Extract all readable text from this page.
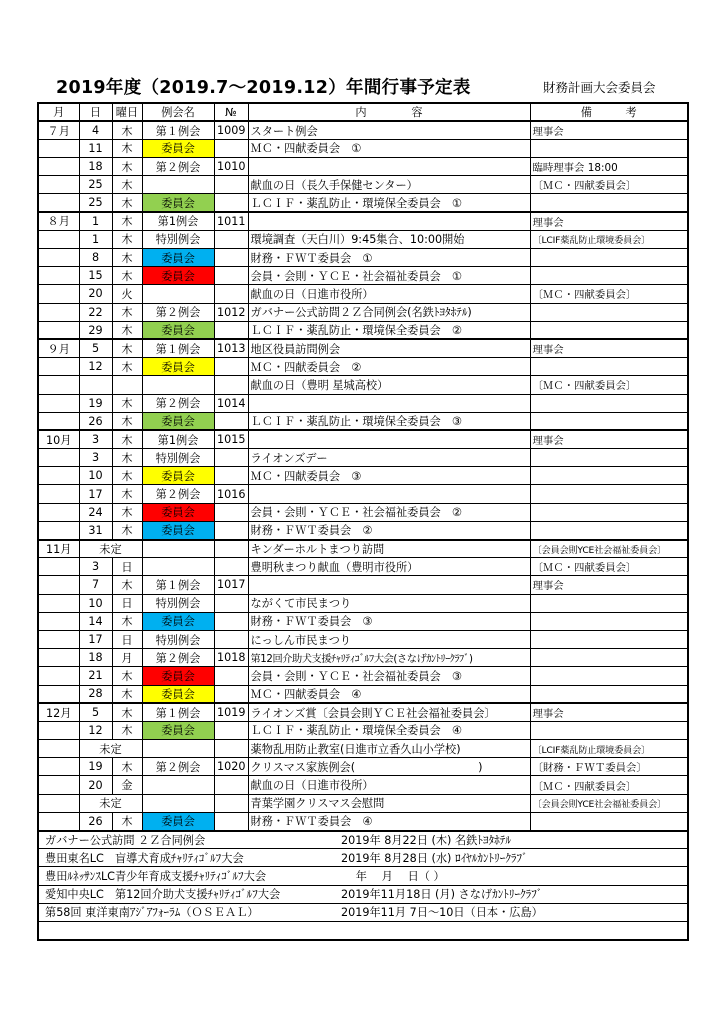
2019年度（2019.7～2019.12）年間行事予定表	財務計画大会委員会
月	日	曜日	例会名	№	内　　　　容	備　　　考
７月	4	木	第１例会	1009	スタート例会	理事会
	11	木	委員会		ＭＣ・四献委員会　①	
	18	木	第２例会	1010		臨時理事会 18:00
	25	木			献血の日（長久手保健センター）	〔ＭＣ・四献委員会〕
	25	木	委員会		ＬＣＩＦ・薬乱防止・環境保全委員会　①	
８月	1	木	第1例会	1011		理事会
	1	木	特別例会		環境調査（天白川）9:45集合、10:00開始	〔LCIF薬乱防止環境委員会〕
	8	木	委員会		財務・ＦＷＴ委員会　①	
	15	木	委員会		会員・会則・ＹＣＥ・社会福祉委員会　①	
	20	火			献血の日（日進市役所）	〔ＭＣ・四献委員会〕
	22	木	第２例会	1012	ガバナー公式訪問２Ｚ合同例会(名鉄ﾄﾖﾀﾎﾃﾙ)	
	29	木	委員会		ＬＣＩＦ・薬乱防止・環境保全委員会　②	
９月	5	木	第１例会	1013	地区役員訪問例会	理事会
	12	木	委員会		ＭＣ・四献委員会　②	
					献血の日（豊明 星城高校）	〔ＭＣ・四献委員会〕
	19	木	第２例会	1014		
	26	木	委員会		ＬＣＩＦ・薬乱防止・環境保全委員会　③	
10月	3	木	第1例会	1015		理事会
	3	木	特別例会		ライオンズデー	
	10	木	委員会		ＭＣ・四献委員会　③	
	17	木	第２例会	1016		
	24	木	委員会		会員・会則・ＹＣＥ・社会福祉委員会　②	
	31	木	委員会		財務・ＦＷＴ委員会　②	
11月	未定				キンダーホルトまつり訪問	〔会員会則YCE社会福祉委員会〕
	3	日			豊明秋まつり献血（豊明市役所）	〔ＭＣ・四献委員会〕
	7	木	第１例会	1017		理事会
	10	日	特別例会		ながくて市民まつり	
	14	木	委員会		財務・ＦＷＴ委員会　③	
	17	日	特別例会		にっしん市民まつり	
	18	月	第２例会	1018	第12回介助犬支援ﾁｬﾘﾃｨｺﾞﾙﾌ大会(さなげｶﾝﾄﾘｰｸﾗﾌﾞ)	
	21	木	委員会		会員・会則・ＹＣＥ・社会福祉委員会　③	
	28	木	委員会		ＭＣ・四献委員会　④	
12月	5	木	第１例会	1019	ライオンズ賞〔会員会則ＹＣＥ社会福祉委員会〕	理事会
	12	木	委員会		ＬＣＩＦ・薬乱防止・環境保全委員会　④	
	未定				薬物乱用防止教室(日進市立香久山小学校)	〔LCIF薬乱防止環境委員会〕
	19	木	第２例会	1020	クリスマス家族例会(　　　　　　　　　　　)	〔財務・ＦＷＴ委員会〕
	20	金			献血の日（日進市役所）	〔ＭＣ・四献委員会〕
	未定				青葉学園クリスマス会慰問	〔会員会則YCE社会福祉委員会〕
	26	木	委員会		財務・ＦＷＴ委員会　④	
ガバナー公式訪問 ２Ｚ合同例会 2019年 8月22日 (木) 名鉄ﾄﾖﾀﾎﾃﾙ						
豊田東名LC　盲導犬育成ﾁｬﾘﾃｨｺﾞﾙﾌ大会 2019年 8月28日 (水) ﾛｲﾔﾙｶﾝﾄﾘｰｸﾗﾌﾞ						
豊田ﾙﾈｯｻﾝｽLC青少年育成支援ﾁｬﾘﾃｨｺﾞﾙﾌ大会 　 年　 月　 日（ ）						
愛知中央LC　第12回介助犬支援ﾁｬﾘﾃｨｺﾞﾙﾌ大会 2019年11月18日 (月) さなげｶﾝﾄﾘｰｸﾗﾌﾞ						
第58回 東洋東南ｱｼﾞｱﾌｫｰﾗﾑ（ＯＳＥＡＬ） 2019年11月 7日～10日（日本・広島）						
